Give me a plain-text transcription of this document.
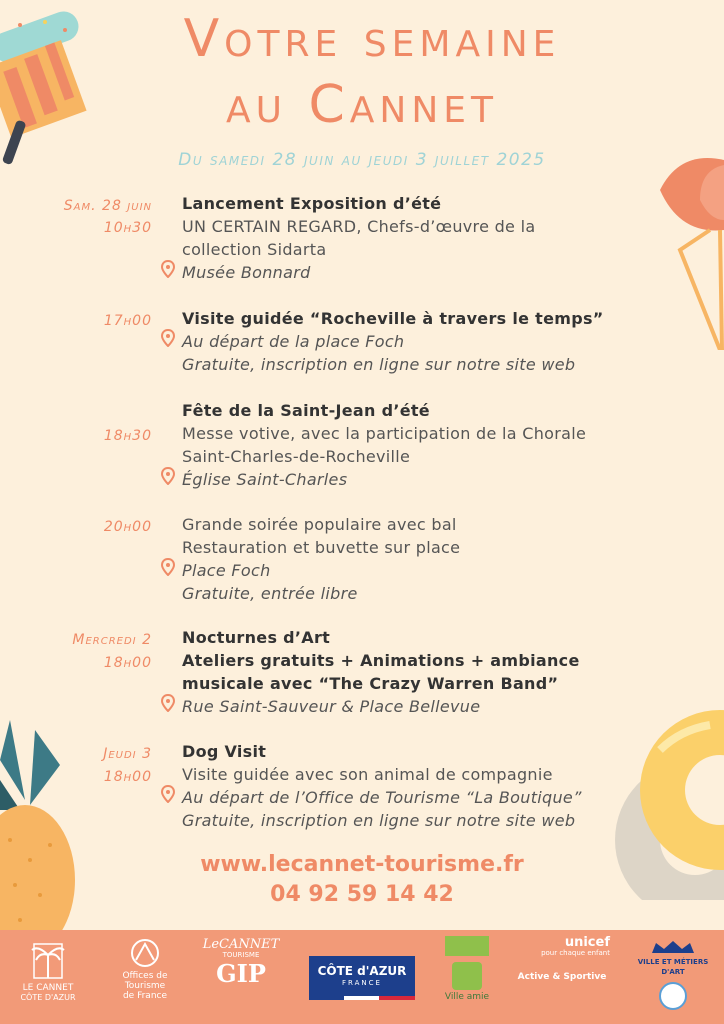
Votre semaine
au Cannet
Du samedi 28 juin au jeudi 3 juillet 2025
Sam. 28 juin
10h30
Lancement Exposition d’été
UN CERTAIN REGARD, Chefs-d’œuvre de la
collection Sidarta
Musée Bonnard
17h00 Visite guidée “Rocheville à travers le temps”
Au départ de la place Foch
Gratuite, inscription en ligne sur notre site web
18h30
Fête de la Saint-Jean d’été
Messe votive, avec la participation de la Chorale
Saint-Charles-de-Rocheville
Église Saint-Charles
20h00 Grande soirée populaire avec bal
Restauration et buvette sur place
Place Foch
Gratuite, entrée libre
Mercredi 2
18h00
Nocturnes d’Art
Ateliers gratuits + Animations + ambiance
musicale avec “The Crazy Warren Band”
Rue Saint-Sauveur & Place Bellevue
Jeudi 3
18h00
Dog Visit
Visite guidée avec son animal de compagnie
Au départ de l’Office de Tourisme “La Boutique”
Gratuite, inscription en ligne sur notre site web
www.lecannet-tourisme.fr
04 92 59 14 42
LE CANNET
CÔTE D'AZUR
Offices de
Tourisme
de France
LeCANNET
TOURISME
GIP	CÔTE d'AZUR
FRANCE
Ville amie
unicef
pour chaque enfant
Active & Sportive
VILLE ET MÉTIERS D'ART
